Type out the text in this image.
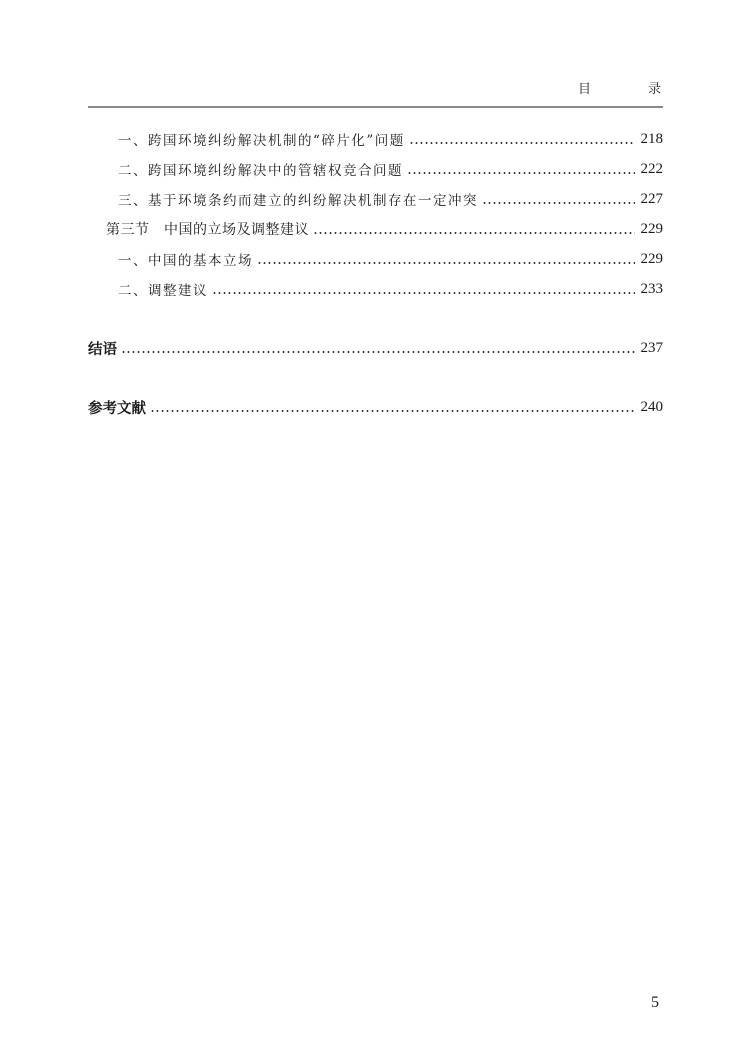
目　录
一、跨国环境纠纷解决机制的“碎片化”问题	218
二、跨国环境纠纷解决中的管辖权竞合问题	222
三、基于环境条约而建立的纠纷解决机制存在一定冲突	227
第三节　中国的立场及调整建议	229
一、中国的基本立场	229
二、调整建议	233
结语	237
参考文献	240
5
